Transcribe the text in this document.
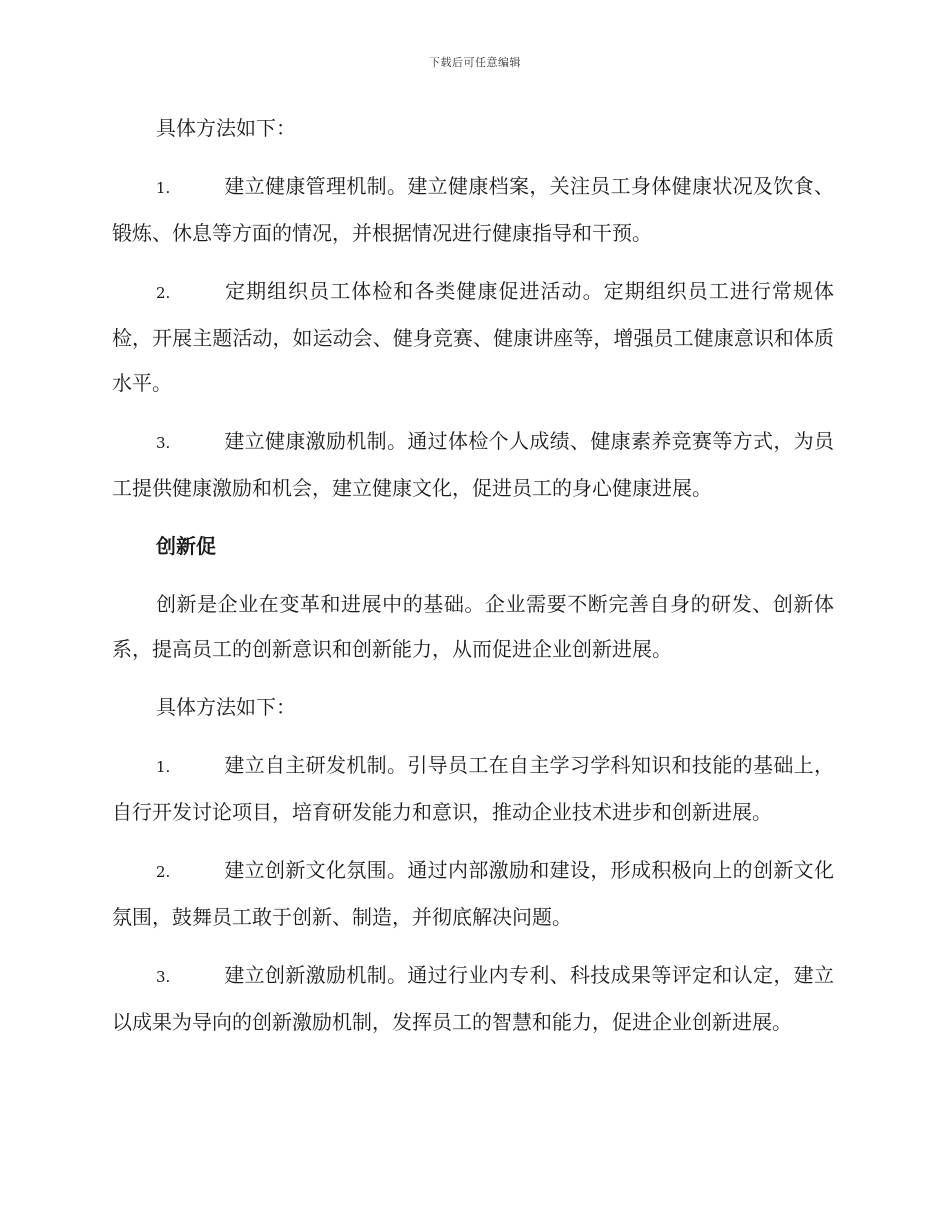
下载后可任意编辑

具体方法如下：

1.	建立健康管理机制。建立健康档案，关注员工身体健康状况及饮食、锻炼、休息等方面的情况，并根据情况进行健康指导和干预。

2.	定期组织员工体检和各类健康促进活动。定期组织员工进行常规体检，开展主题活动，如运动会、健身竞赛、健康讲座等，增强员工健康意识和体质水平。

3.	建立健康激励机制。通过体检个人成绩、健康素养竞赛等方式，为员工提供健康激励和机会，建立健康文化，促进员工的身心健康进展。

创新促

创新是企业在变革和进展中的基础。企业需要不断完善自身的研发、创新体系，提高员工的创新意识和创新能力，从而促进企业创新进展。

具体方法如下：

1.	建立自主研发机制。引导员工在自主学习学科知识和技能的基础上，自行开发讨论项目，培育研发能力和意识，推动企业技术进步和创新进展。

2.	建立创新文化氛围。通过内部激励和建设，形成积极向上的创新文化氛围，鼓舞员工敢于创新、制造，并彻底解决问题。

3.	建立创新激励机制。通过行业内专利、科技成果等评定和认定，建立以成果为导向的创新激励机制，发挥员工的智慧和能力，促进企业创新进展。
